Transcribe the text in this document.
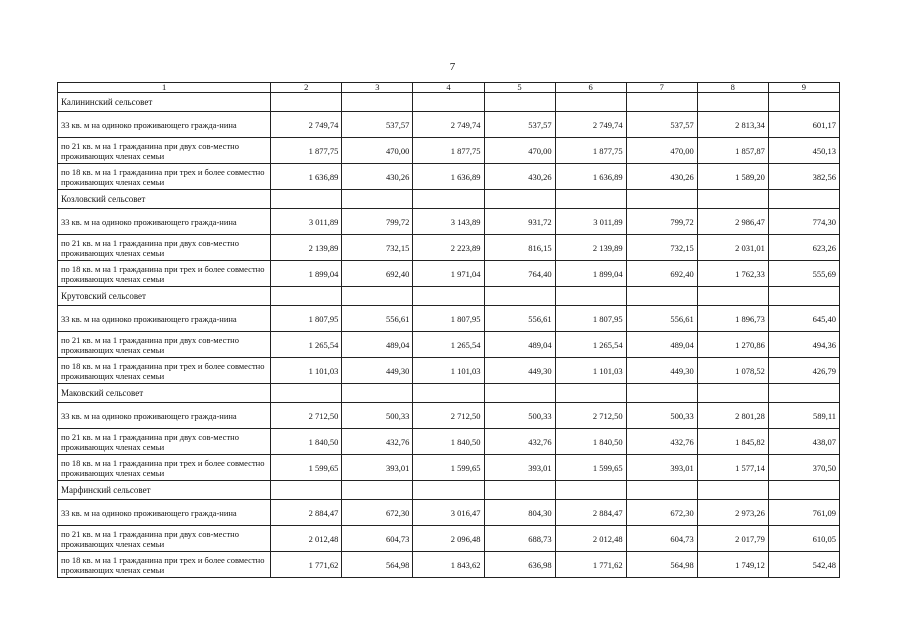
7
1	2	3	4	5	6	7	8	9
Калининский сельсовет								
33 кв. м на одиноко проживающего гражда-нина	2 749,74	537,57	2 749,74	537,57	2 749,74	537,57	2 813,34	601,17
по 21 кв. м на 1 гражданина при двух сов-местно проживающих членах семьи	1 877,75	470,00	1 877,75	470,00	1 877,75	470,00	1 857,87	450,13
по 18 кв. м на 1 гражданина при трех и более совместно проживающих членах семьи	1 636,89	430,26	1 636,89	430,26	1 636,89	430,26	1 589,20	382,56
Козловский сельсовет								
33 кв. м на одиноко проживающего гражда-нина	3 011,89	799,72	3 143,89	931,72	3 011,89	799,72	2 986,47	774,30
по 21 кв. м на 1 гражданина при двух сов-местно проживающих членах семьи	2 139,89	732,15	2 223,89	816,15	2 139,89	732,15	2 031,01	623,26
по 18 кв. м на 1 гражданина при трех и более совместно проживающих членах семьи	1 899,04	692,40	1 971,04	764,40	1 899,04	692,40	1 762,33	555,69
Крутовский сельсовет								
33 кв. м на одиноко проживающего гражда-нина	1 807,95	556,61	1 807,95	556,61	1 807,95	556,61	1 896,73	645,40
по 21 кв. м на 1 гражданина при двух сов-местно проживающих членах семьи	1 265,54	489,04	1 265,54	489,04	1 265,54	489,04	1 270,86	494,36
по 18 кв. м на 1 гражданина при трех и более совместно проживающих членах семьи	1 101,03	449,30	1 101,03	449,30	1 101,03	449,30	1 078,52	426,79
Маковский сельсовет								
33 кв. м на одиноко проживающего гражда-нина	2 712,50	500,33	2 712,50	500,33	2 712,50	500,33	2 801,28	589,11
по 21 кв. м на 1 гражданина при двух сов-местно проживающих членах семьи	1 840,50	432,76	1 840,50	432,76	1 840,50	432,76	1 845,82	438,07
по 18 кв. м на 1 гражданина при трех и более совместно проживающих членах семьи	1 599,65	393,01	1 599,65	393,01	1 599,65	393,01	1 577,14	370,50
Марфинский сельсовет								
33 кв. м на одиноко проживающего гражда-нина	2 884,47	672,30	3 016,47	804,30	2 884,47	672,30	2 973,26	761,09
по 21 кв. м на 1 гражданина при двух сов-местно проживающих членах семьи	2 012,48	604,73	2 096,48	688,73	2 012,48	604,73	2 017,79	610,05
по 18 кв. м на 1 гражданина при трех и более совместно проживающих членах семьи	1 771,62	564,98	1 843,62	636,98	1 771,62	564,98	1 749,12	542,48
